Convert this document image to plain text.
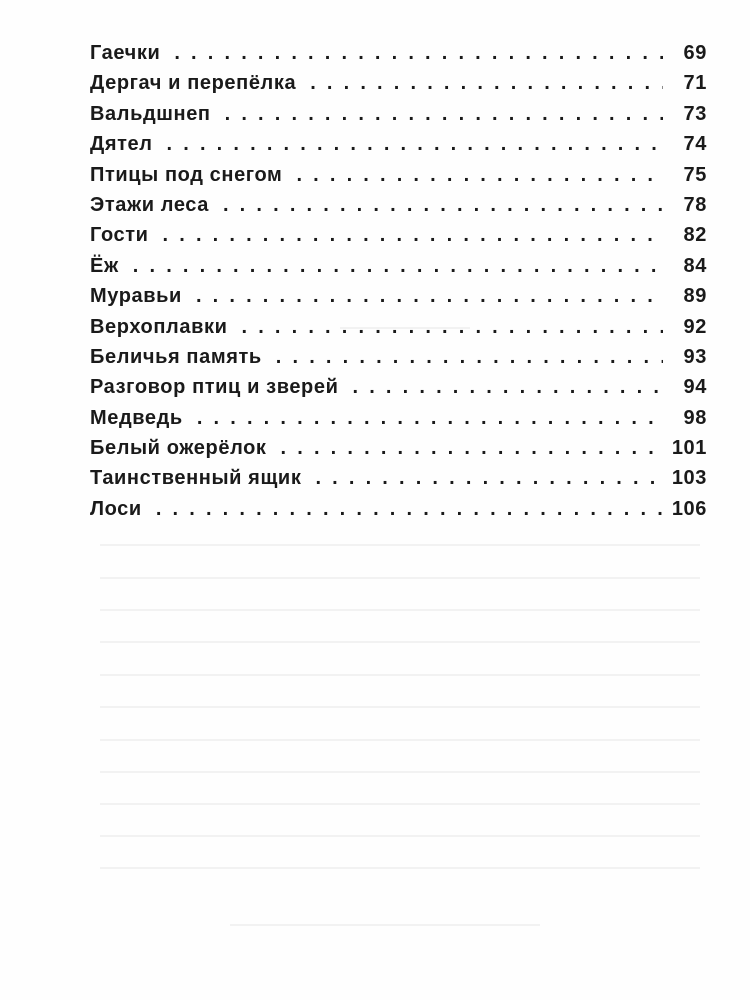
Гаечки . . .	69
Дергач и перепёлка . . .	71
Вальдшнеп . . .	73
Дятел . . .	74
Птицы под снегом . . .	75
Этажи леса . . .	78
Гости . . .	82
Ёж . . .	84
Муравьи . . .	89
Верхоплавки . . .	92
Беличья память . . .	93
Разговор птиц и зверей . . .	94
Медведь . . .	98
Белый ожерёлок . . .	101
Таинственный ящик . . .	103
Лоси . . .	106
